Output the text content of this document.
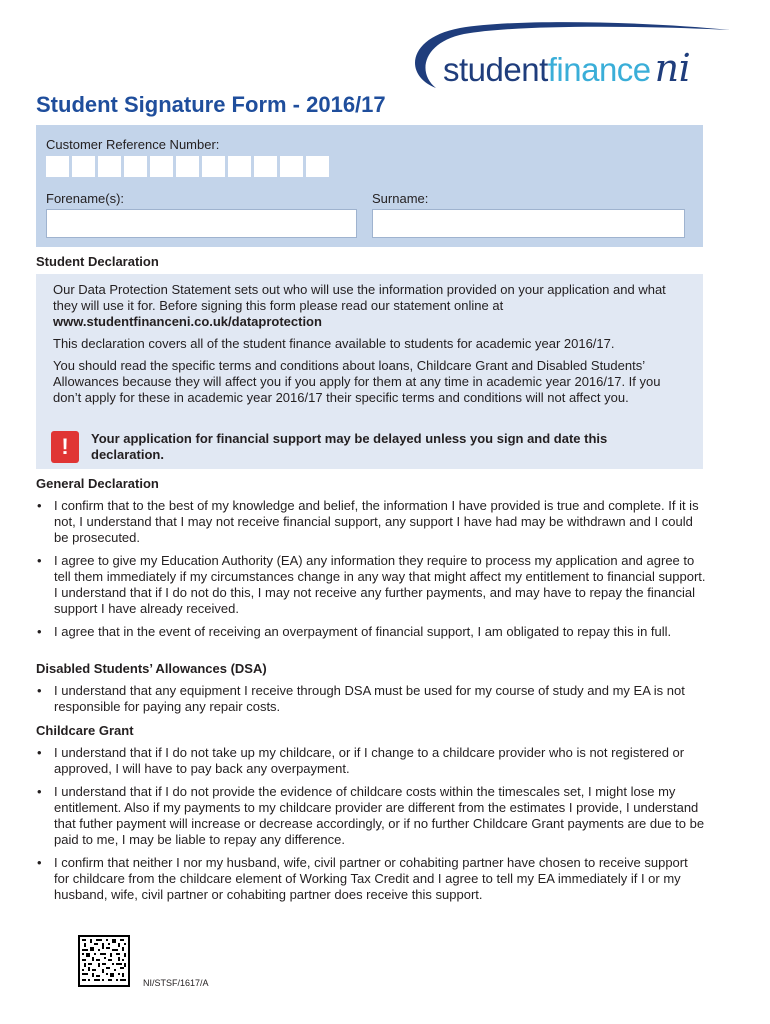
studentfinance ni
Student Signature Form - 2016/17
Customer Reference Number:
Forename(s):	Surname:
Student Declaration

Our Data Protection Statement sets out who will use the information provided on your application and what they will use it for. Before signing this form please read our statement online at
www.studentfinanceni.co.uk/dataprotection

This declaration covers all of the student finance available to students for academic year 2016/17.

You should read the specific terms and conditions about loans, Childcare Grant and Disabled Students’ Allowances because they will affect you if you apply for them at any time in academic year 2016/17. If you don’t apply for these in academic year 2016/17 their specific terms and conditions will not affect you.

!	Your application for financial support may be delayed unless you sign and date this declaration.
General Declaration
• I confirm that to the best of my knowledge and belief, the information I have provided is true and complete. If it is not, I understand that I may not receive financial support, any support I have had may be withdrawn and I could be prosecuted.
• I agree to give my Education Authority (EA) any information they require to process my application and agree to tell them immediately if my circumstances change in any way that might affect my entitlement to financial support. I understand that if I do not do this, I may not receive any further payments, and may have to repay the financial support I have already received.
• I agree that in the event of receiving an overpayment of financial support, I am obligated to repay this in full.
Disabled Students’ Allowances (DSA)
• I understand that any equipment I receive through DSA must be used for my course of study and my EA is not responsible for paying any repair costs.
Childcare Grant
• I understand that if I do not take up my childcare, or if I change to a childcare provider who is not registered or approved, I will have to pay back any overpayment.
• I understand that if I do not provide the evidence of childcare costs within the timescales set, I might lose my entitlement. Also if my payments to my childcare provider are different from the estimates I provide, I understand that futher payment will increase or decrease accordingly, or if no further Childcare Grant payments are due to be paid to me, I may be liable to repay any difference.
• I confirm that neither I nor my husband, wife, civil partner or cohabiting partner have chosen to receive support for childcare from the childcare element of Working Tax Credit and I agree to tell my EA immediately if I or my husband, wife, civil partner or cohabiting partner does receive this support.
NI/STSF/1617/A
